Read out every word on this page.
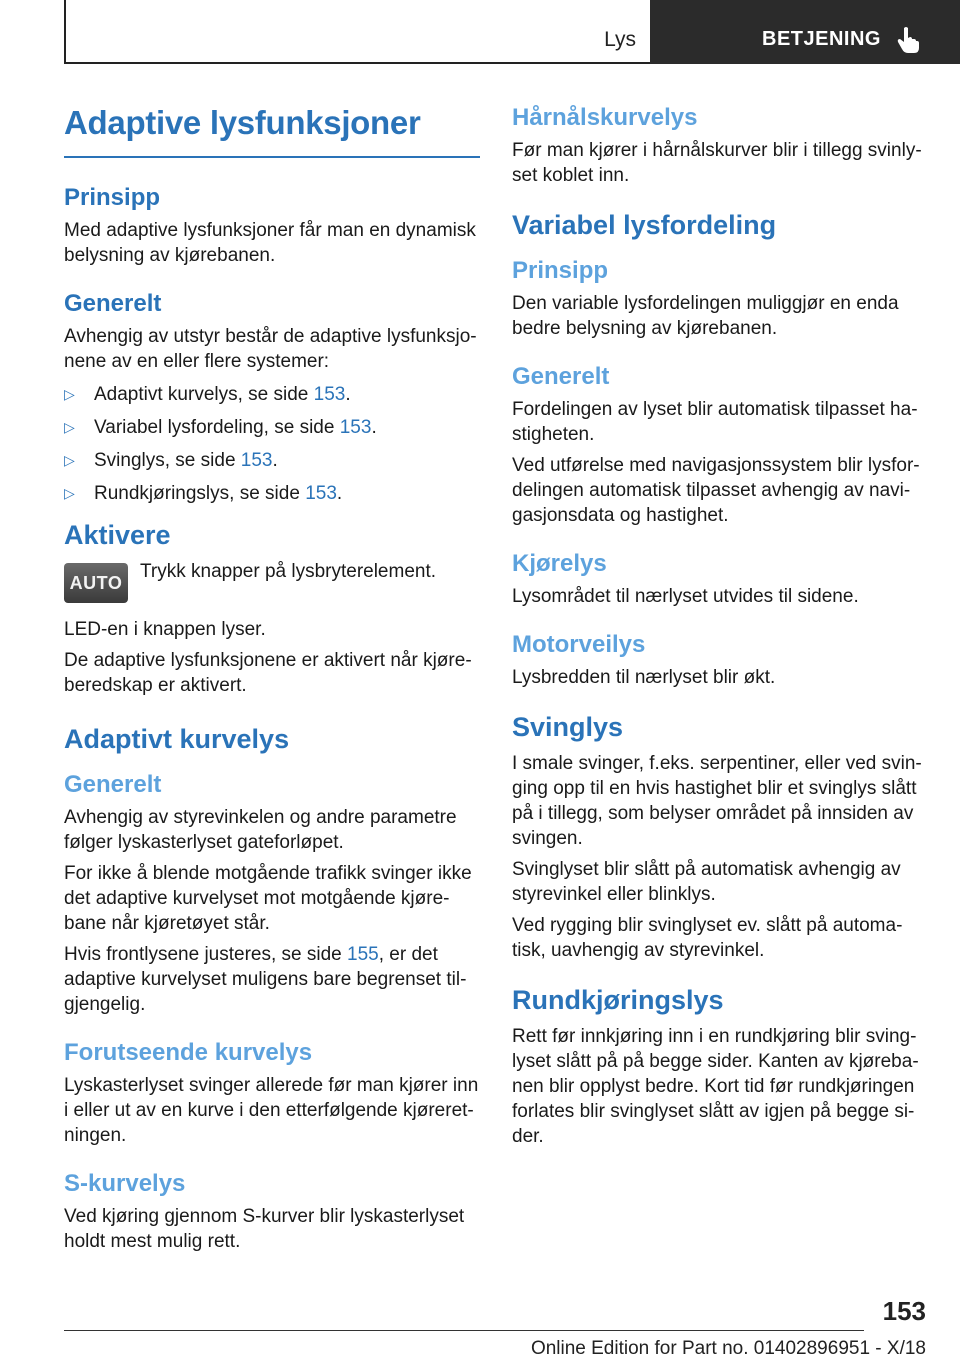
Lys	BETJENING
Adaptive lysfunksjoner
Prinsipp

Med adaptive lysfunksjoner får man en dynamisk belysning av kjørebanen.

Generelt

Avhengig av utstyr består de adaptive lysfunksjonene av en eller flere systemer:

▷ Adaptivt kurvelys, se side 153.
▷ Variabel lysfordeling, se side 153.
▷ Svinglys, se side 153.
▷ Rundkjøringslys, se side 153.
Aktivere
AUTO

Trykk knapper på lysbryterelement.

LED-en i knappen lyser.

De adaptive lysfunksjonene er aktivert når kjøreberedskap er aktivert.

Adaptivt kurvelys
Generelt

Avhengig av styrevinkelen og andre parametre følger lyskasterlyset gateforløpet.

For ikke å blende motgående trafikk svinger ikke det adaptive kurvelyset mot motgående kjørebane når kjøretøyet står.

Hvis frontlysene justeres, se side 155, er det adaptive kurvelyset muligens bare begrenset tilgjengelig.

Forutseende kurvelys

Lyskasterlyset svinger allerede før man kjører inn i eller ut av en kurve i den etterfølgende kjøreretningen.

S-kurvelys

Ved kjøring gjennom S-kurver blir lyskasterlyset holdt mest mulig rett.

Hårnålskurvelys

Før man kjører i hårnålskurver blir i tillegg svinlyset koblet inn.

Variabel lysfordeling
Prinsipp

Den variable lysfordelingen muliggjør en enda bedre belysning av kjørebanen.

Generelt

Fordelingen av lyset blir automatisk tilpasset hastigheten.

Ved utførelse med navigasjonssystem blir lysfordelingen automatisk tilpasset avhengig av navigasjonsdata og hastighet.

Kjørelys

Lysområdet til nærlyset utvides til sidene.

Motorveilys

Lysbredden til nærlyset blir økt.

Svinglys

I smale svinger, f.eks. serpentiner, eller ved svinging opp til en hvis hastighet blir et svinglys slått på i tillegg, som belyser området på innsiden av svingen.

Svinglyset blir slått på automatisk avhengig av styrevinkel eller blinklys.

Ved rygging blir svinglyset ev. slått på automatisk, uavhengig av styrevinkel.

Rundkjøringslys

Rett før innkjøring inn i en rundkjøring blir svinglyset slått på på begge sider. Kanten av kjørebanen blir opplyst bedre. Kort tid før rundkjøringen forlates blir svinglyset slått av igjen på begge sider.

153
Online Edition for Part no. 01402896951 - X/18
